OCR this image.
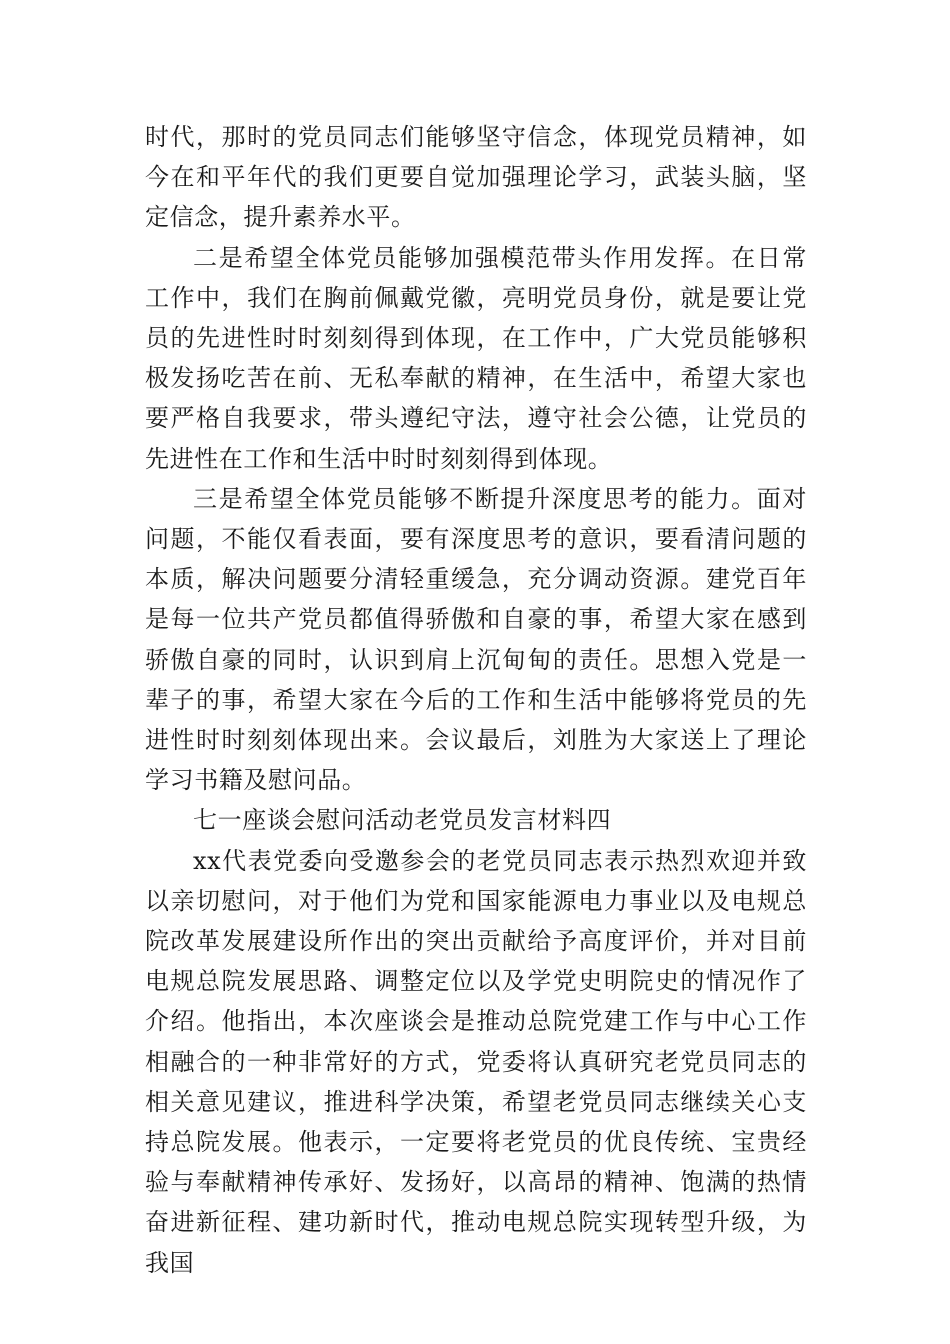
时代，那时的党员同志们能够坚守信念，体现党员精神，如今在和平年代的我们更要自觉加强理论学习，武装头脑，坚定信念，提升素养水平。

二是希望全体党员能够加强模范带头作用发挥。在日常工作中，我们在胸前佩戴党徽，亮明党员身份，就是要让党员的先进性时时刻刻得到体现，在工作中，广大党员能够积极发扬吃苦在前、无私奉献的精神，在生活中，希望大家也要严格自我要求，带头遵纪守法，遵守社会公德，让党员的先进性在工作和生活中时时刻刻得到体现。

三是希望全体党员能够不断提升深度思考的能力。面对问题，不能仅看表面，要有深度思考的意识，要看清问题的本质，解决问题要分清轻重缓急，充分调动资源。建党百年是每一位共产党员都值得骄傲和自豪的事，希望大家在感到骄傲自豪的同时，认识到肩上沉甸甸的责任。思想入党是一辈子的事，希望大家在今后的工作和生活中能够将党员的先进性时时刻刻体现出来。会议最后，刘胜为大家送上了理论学习书籍及慰问品。

七一座谈会慰问活动老党员发言材料四

xx代表党委向受邀参会的老党员同志表示热烈欢迎并致以亲切慰问，对于他们为党和国家能源电力事业以及电规总院改革发展建设所作出的突出贡献给予高度评价，并对目前电规总院发展思路、调整定位以及学党史明院史的情况作了介绍。他指出，本次座谈会是推动总院党建工作与中心工作相融合的一种非常好的方式，党委将认真研究老党员同志的相关意见建议，推进科学决策，希望老党员同志继续关心支持总院发展。他表示，一定要将老党员的优良传统、宝贵经验与奉献精神传承好、发扬好，以高昂的精神、饱满的热情奋进新征程、建功新时代，推动电规总院实现转型升级，为我国
